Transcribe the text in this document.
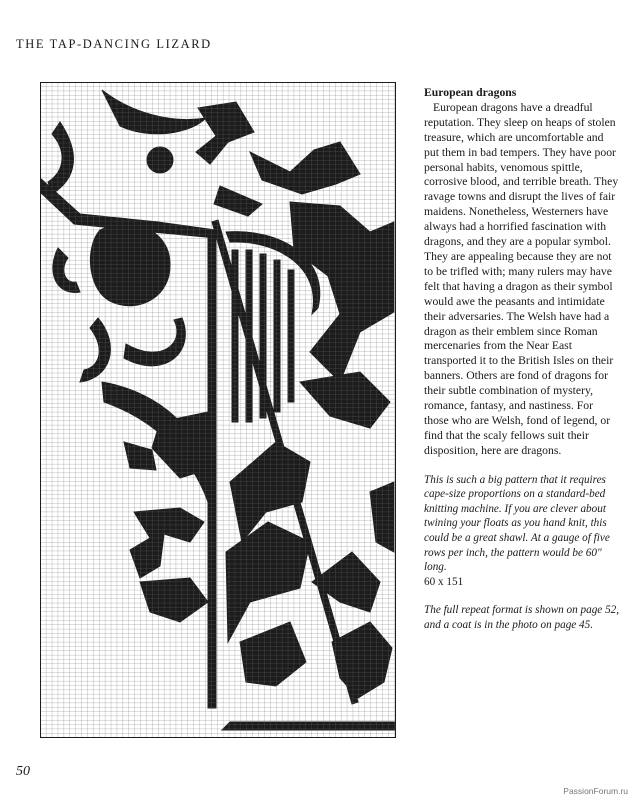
THE TAP-DANCING LIZARD
European dragons

European dragons have a dreadful reputation. They sleep on heaps of stolen treasure, which are uncomfortable and put them in bad tempers. They have poor personal habits, venomous spittle, corrosive blood, and terrible breath. They ravage towns and disrupt the lives of fair maidens. Nonetheless, Westerners have always had a horrified fascination with dragons, and they are a popular symbol. They are appealing because they are not to be trifled with; many rulers may have felt that having a dragon as their symbol would awe the peasants and intimidate their adversaries. The Welsh have had a dragon as their emblem since Roman mercenaries from the Near East transported it to the British Isles on their banners. Others are fond of dragons for their subtle combination of mystery, romance, fantasy, and nastiness. For those who are Welsh, fond of legend, or find that the scaly fellows suit their disposition, here are dragons.

This is such a big pattern that it requires cape-size proportions on a standard-bed knitting machine. If you are clever about twining your floats as you hand knit, this could be a great shawl. At a gauge of five rows per inch, the pattern would be 60" long.
60 x 151
The full repeat format is shown on page 52, and a coat is in the photo on page 45.
50
PassionForum.ru
